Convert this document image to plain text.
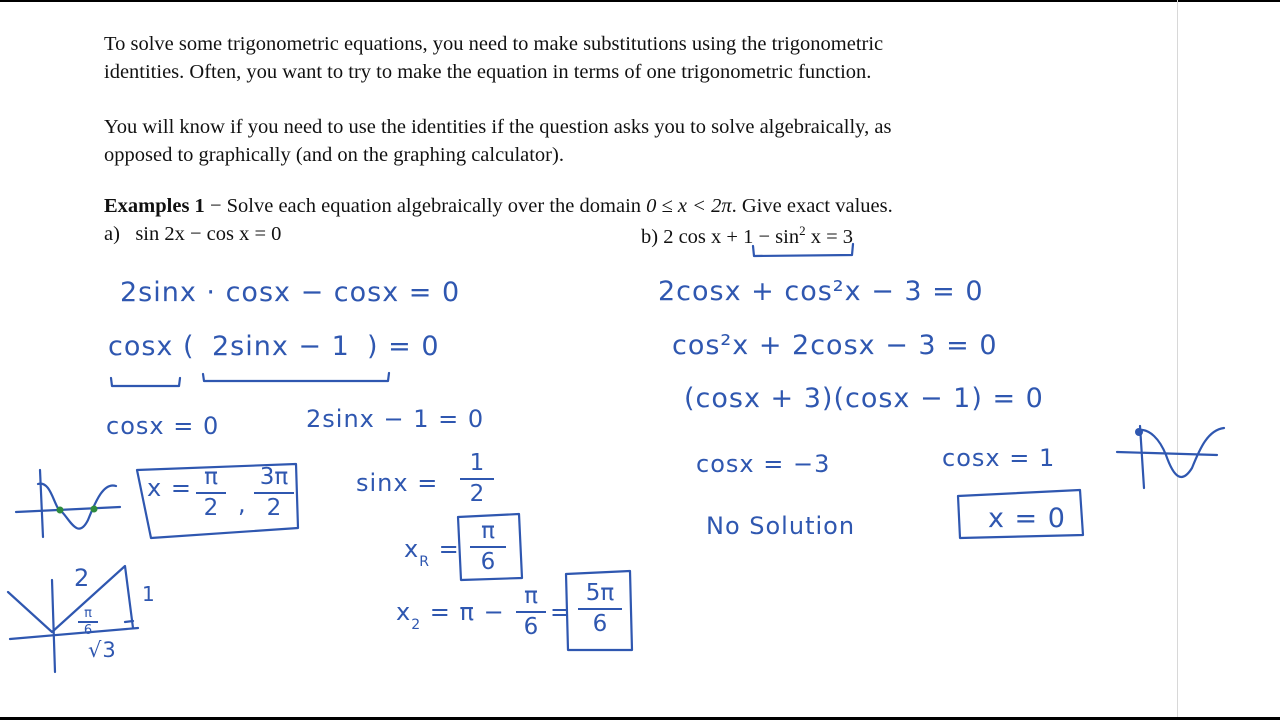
To solve some trigonometric equations, you need to make substitutions using the trigonometric
identities. Often, you want to try to make the equation in terms of one trigonometric function.
You will know if you need to use the identities if the question asks you to solve algebraically, as
opposed to graphically (and on the graphing calculator).
Examples 1 − Solve each equation algebraically over the domain 0 ≤ x < 2π. Give exact values.
a) sin 2x − cos x = 0	b) 2 $\cos x + 1 - \sin^2 x = 3$
2sinx · cosx − cosx = 0
cosx ( 2sinx − 1 ) = 0
cosx = 0	2sinx − 1 = 0
x = π
2 ,
3π
2
sinx =
1
2
$x_R$ =
π
6
$x_2 = \pi$ −
π
6
=
5π
6
2
1
√3
π
6
2cosx + cos²x − 3 = 0
cos²x + 2cosx − 3 = 0
(cosx + 3)(cosx − 1) = 0
cosx = −3	cosx = 1
No Solution	x = 0
